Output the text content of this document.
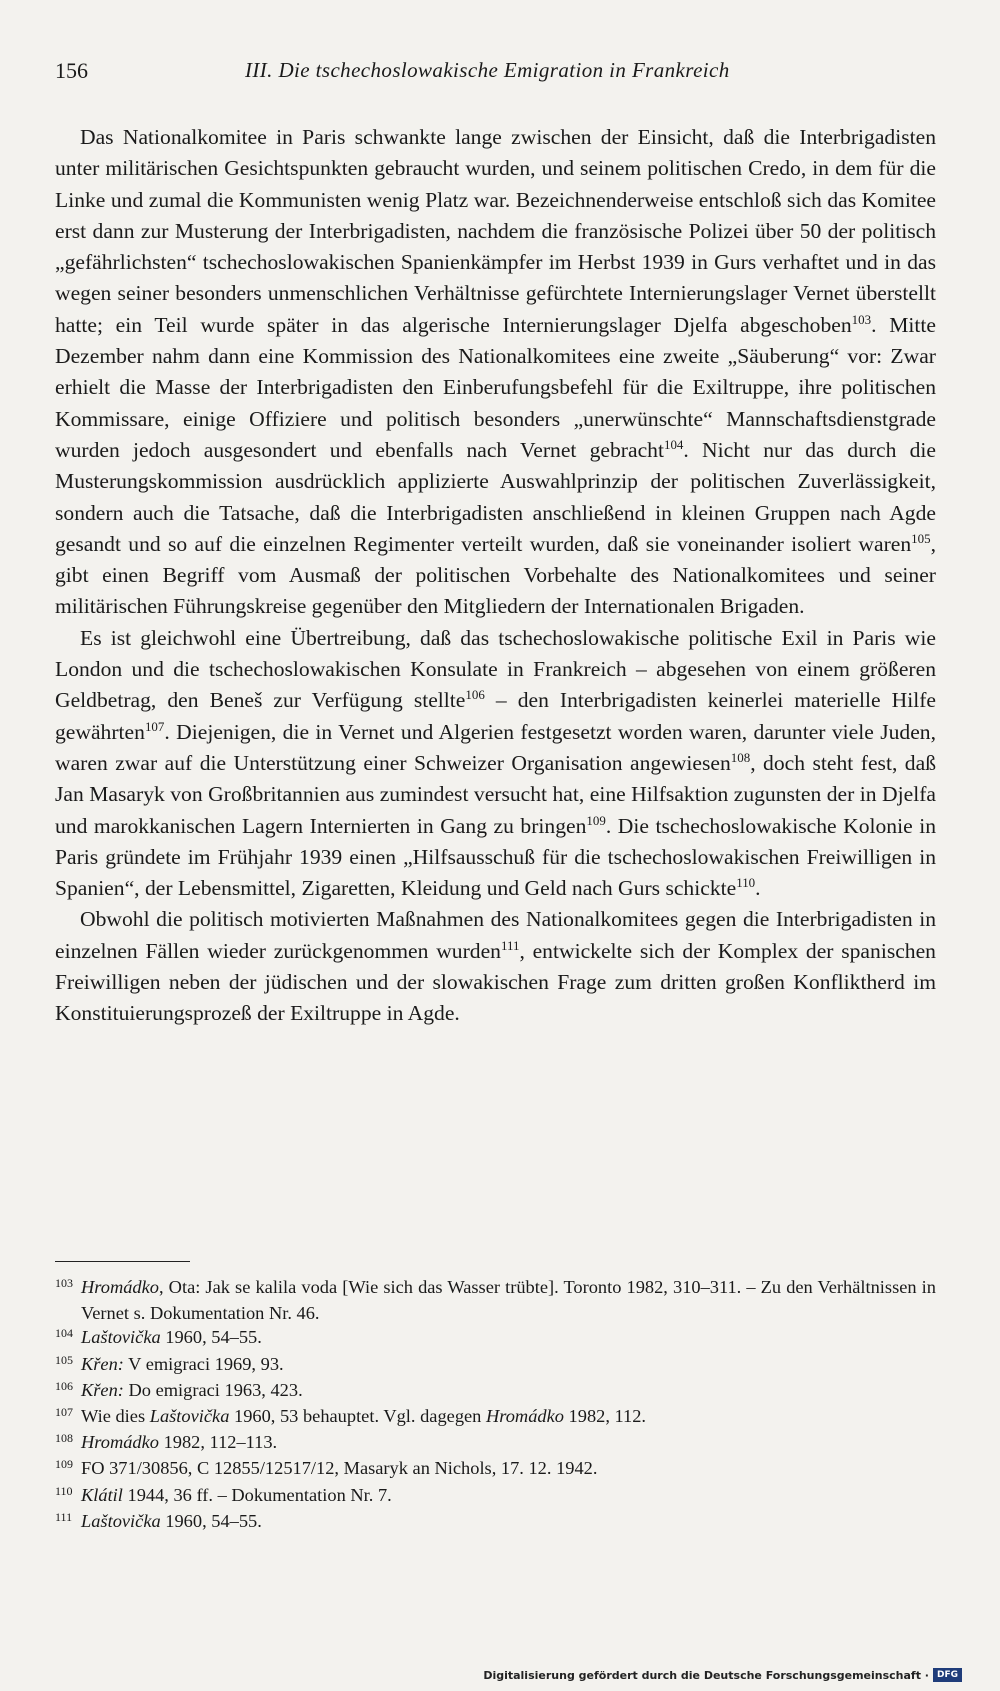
156	III. Die tschechoslowakische Emigration in Frankreich

Das Nationalkomitee in Paris schwankte lange zwischen der Einsicht, daß die Interbrigadisten unter militärischen Gesichtspunkten gebraucht wurden, und seinem politischen Credo, in dem für die Linke und zumal die Kommunisten wenig Platz war. Bezeichnenderweise entschloß sich das Komitee erst dann zur Musterung der Interbrigadisten, nachdem die französische Polizei über 50 der politisch „gefährlichsten“ tschechoslowakischen Spanienkämpfer im Herbst 1939 in Gurs verhaftet und in das wegen seiner besonders unmenschlichen Verhältnisse gefürchtete Internierungslager Vernet überstellt hatte; ein Teil wurde später in das algerische Internierungslager Djelfa abgeschoben$^{103}$. Mitte Dezember nahm dann eine Kommission des Nationalkomitees eine zweite „Säuberung“ vor: Zwar erhielt die Masse der Interbrigadisten den Einberufungsbefehl für die Exiltruppe, ihre politischen Kommissare, einige Offiziere und politisch besonders „unerwünschte“ Mannschaftsdienstgrade wurden jedoch ausgesondert und ebenfalls nach Vernet gebracht$^{104}$. Nicht nur das durch die Musterungskommission ausdrücklich applizierte Auswahlprinzip der politischen Zuverlässigkeit, sondern auch die Tatsache, daß die Interbrigadisten anschließend in kleinen Gruppen nach Agde gesandt und so auf die einzelnen Regimenter verteilt wurden, daß sie voneinander isoliert waren$^{105}$, gibt einen Begriff vom Ausmaß der politischen Vorbehalte des Nationalkomitees und seiner militärischen Führungskreise gegenüber den Mitgliedern der Internationalen Brigaden.

Es ist gleichwohl eine Übertreibung, daß das tschechoslowakische politische Exil in Paris wie London und die tschechoslowakischen Konsulate in Frankreich – abgesehen von einem größeren Geldbetrag, den Beneš zur Verfügung stellte$^{106}$ – den Interbrigadisten keinerlei materielle Hilfe gewährten$^{107}$. Diejenigen, die in Vernet und Algerien festgesetzt worden waren, darunter viele Juden, waren zwar auf die Unterstützung einer Schweizer Organisation angewiesen$^{108}$, doch steht fest, daß Jan Masaryk von Großbritannien aus zumindest versucht hat, eine Hilfsaktion zugunsten der in Djelfa und marokkanischen Lagern Internierten in Gang zu bringen$^{109}$. Die tschechoslowakische Kolonie in Paris gründete im Frühjahr 1939 einen „Hilfsausschuß für die tschechoslowakischen Freiwilligen in Spanien“, der Lebensmittel, Zigaretten, Kleidung und Geld nach Gurs schickte$^{110}$.

Obwohl die politisch motivierten Maßnahmen des Nationalkomitees gegen die Interbrigadisten in einzelnen Fällen wieder zurückgenommen wurden$^{111}$, entwickelte sich der Komplex der spanischen Freiwilligen neben der jüdischen und der slowakischen Frage zum dritten großen Konfliktherd im Konstituierungsprozeß der Exiltruppe in Agde.

103 Hromádko, Ota: Jak se kalila voda [Wie sich das Wasser trübte]. Toronto 1982, 310–311. – Zu den Verhältnissen in Vernet s. Dokumentation Nr. 46.

104 Laštovička 1960, 54–55.

105 Křen: V emigraci 1969, 93.

106 Křen: Do emigraci 1963, 423.

107 Wie dies Laštovička 1960, 53 behauptet. Vgl. dagegen Hromádko 1982, 112.

108 Hromádko 1982, 112–113.

109 FO 371/30856, C 12855/12517/12, Masaryk an Nichols, 17. 12. 1942.

110 Klátil 1944, 36 ff. – Dokumentation Nr. 7.

111 Laštovička 1960, 54–55.

Digitalisierung gefördert durch die Deutsche Forschungsgemeinschaft · DFG
